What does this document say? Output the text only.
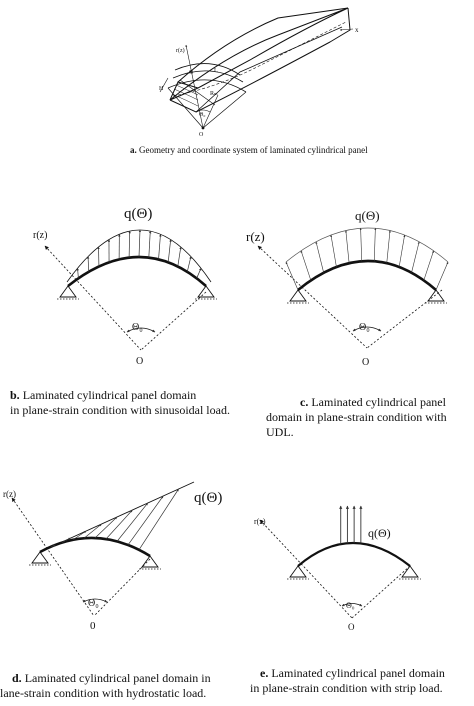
r(z)
Θ	L
H
Rₘ
Θ₀
O
x
q(Θ)
r(z)
Θ₀
O
q(Θ)
r(z)
Θ₀
O
q(Θ)
r(z)
Θ₀
0
q(Θ)
r(z)
Θ₀
O
a. Geometry and coordinate system of laminated cylindrical panel
b. Laminated cylindrical panel domain
in plane-strain condition with sinusoidal load.
c. Laminated cylindrical panel
domain in plane-strain condition with
UDL.
d. Laminated cylindrical panel domain in
lane-strain condition with hydrostatic load.
e. Laminated cylindrical panel domain
in plane-strain condition with strip load.
